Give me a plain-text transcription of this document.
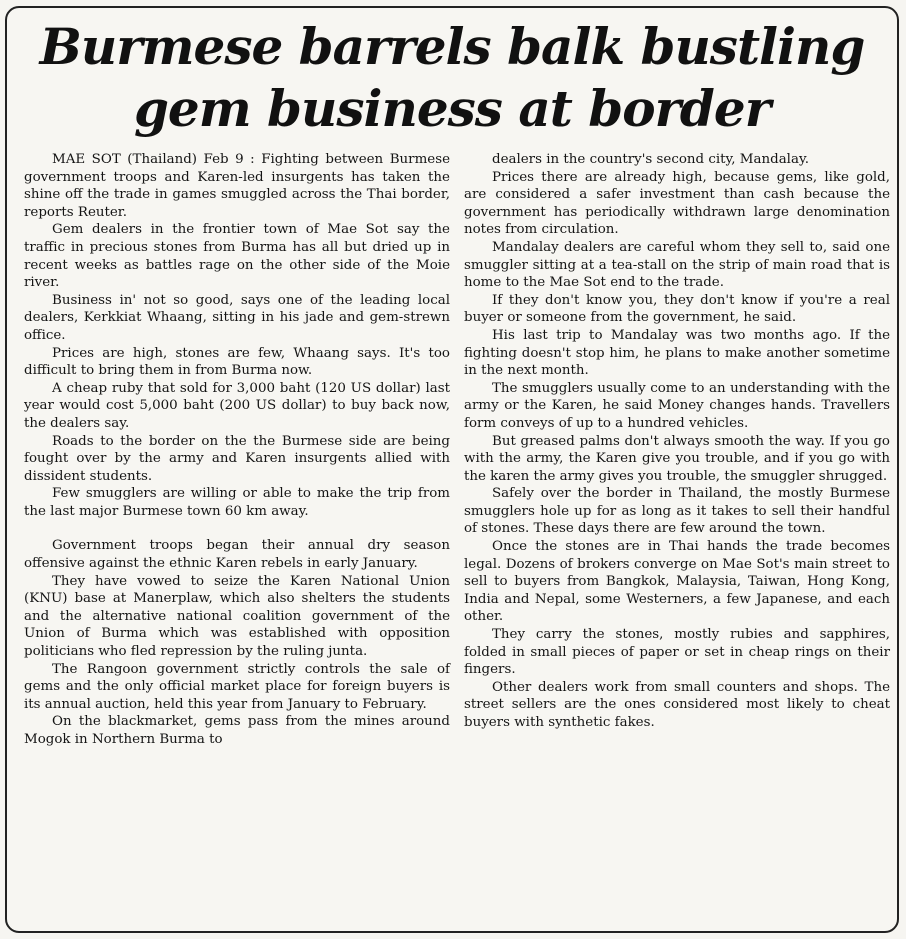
Burmese barrels balk bustling gem business at border

MAE SOT (Thailand) Feb 9 : Fighting between Burmese government troops and Karen-led insurgents has taken the shine off the trade in games smuggled across the Thai border, reports Reuter.

Gem dealers in the frontier town of Mae Sot say the traffic in precious stones from Burma has all but dried up in recent weeks as battles rage on the other side of the Moie river.

Business in' not so good, says one of the leading local dealers, Kerkkiat Whaang, sitting in his jade and gem-strewn office.

Prices are high, stones are few, Whaang says. It's too difficult to bring them in from Burma now.

A cheap ruby that sold for 3,000 baht (120 US dollar) last year would cost 5,000 baht (200 US dollar) to buy back now, the dealers say.

Roads to the border on the the Burmese side are being fought over by the army and Karen insurgents allied with dissident students.

Few smugglers are willing or able to make the trip from the last major Burmese town 60 km away.

Government troops began their annual dry season offensive against the ethnic Karen rebels in early January.

They have vowed to seize the Karen National Union (KNU) base at Manerplaw, which also shelters the students and the alternative national coalition government of the Union of Burma which was established with opposition politicians who fled repression by the ruling junta.

The Rangoon government strictly controls the sale of gems and the only official market place for foreign buyers is its annual auction, held this year from January to February.

On the blackmarket, gems pass from the mines around Mogok in Northern Burma to

dealers in the country's second city, Mandalay.

Prices there are already high, because gems, like gold, are considered a safer investment than cash because the government has periodically withdrawn large denomination notes from circulation.

Mandalay dealers are careful whom they sell to, said one smuggler sitting at a tea-stall on the strip of main road that is home to the Mae Sot end to the trade.

If they don't know you, they don't know if you're a real buyer or someone from the government, he said.

His last trip to Mandalay was two months ago. If the fighting doesn't stop him, he plans to make another sometime in the next month.

The smugglers usually come to an understanding with the army or the Karen, he said Money changes hands. Travellers form conveys of up to a hundred vehicles.

But greased palms don't always smooth the way. If you go with the army, the Karen give you trouble, and if you go with the karen the army gives you trouble, the smuggler shrugged.

Safely over the border in Thailand, the mostly Burmese smugglers hole up for as long as it takes to sell their handful of stones. These days there are few around the town.

Once the stones are in Thai hands the trade becomes legal. Dozens of brokers converge on Mae Sot's main street to sell to buyers from Bangkok, Malaysia, Taiwan, Hong Kong, India and Nepal, some Westerners, a few Japanese, and each other.

They carry the stones, mostly rubies and sapphires, folded in small pieces of paper or set in cheap rings on their fingers.

Other dealers work from small counters and shops. The street sellers are the ones considered most likely to cheat buyers with synthetic fakes.
